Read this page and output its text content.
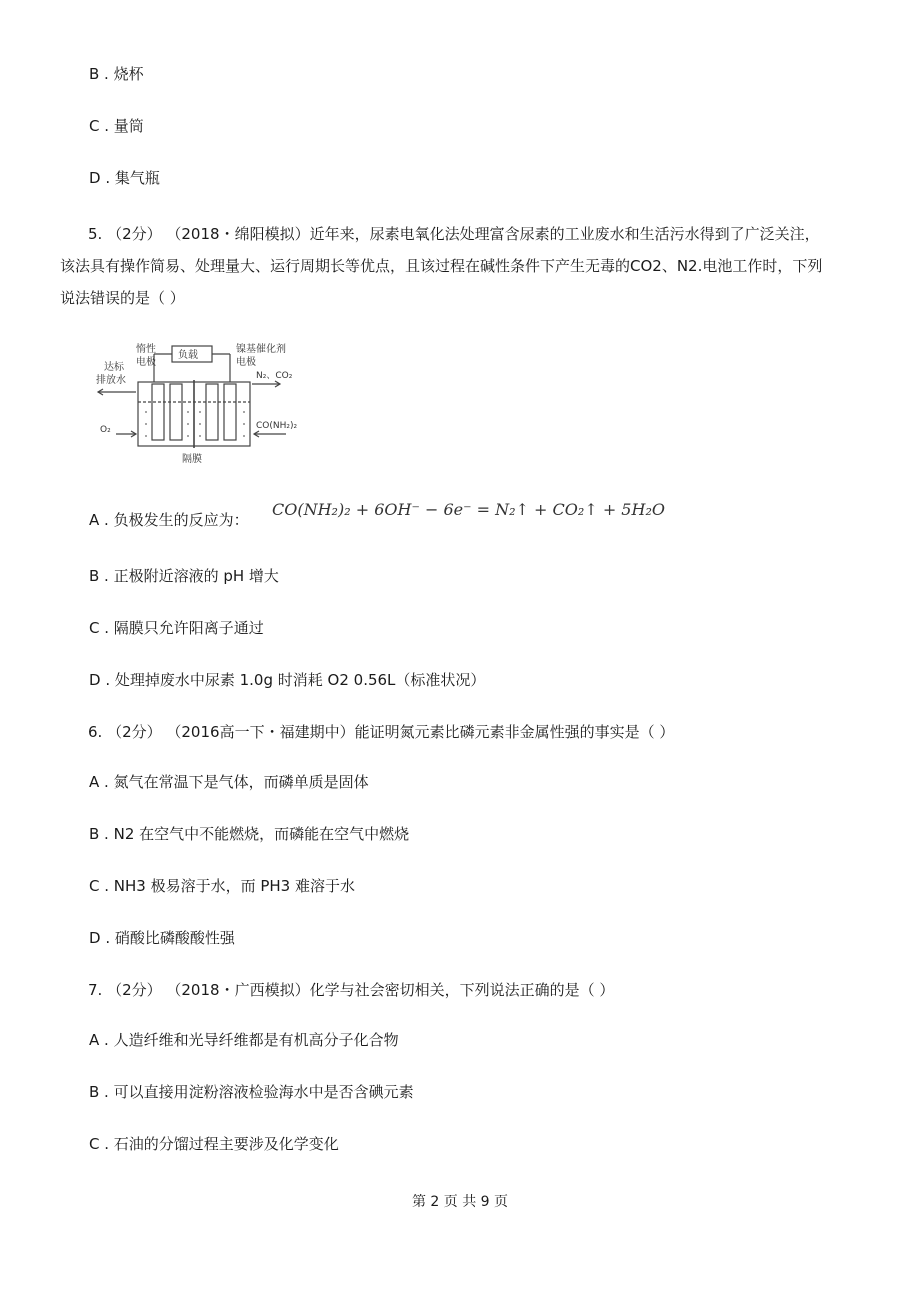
B . 烧杯
C . 量筒
D . 集气瓶
5. （2分） （2018・绵阳模拟）近年来，尿素电氧化法处理富含尿素的工业废水和生活污水得到了广泛关注，
该法具有操作简易、处理量大、运行周期长等优点，且该过程在碱性条件下产生无毒的CO2、N2.电池工作时，下列
说法错误的是（ ）
惰性
电极
负载
镍基催化剂
电极
达标
排放水	N₂、CO₂
O₂	CO(NH₂)₂
隔膜
A . 负极发生的反应为：
CO(NH₂)₂ + 6OH⁻ − 6e⁻ = N₂↑ + CO₂↑ + 5H₂O
B . 正极附近溶液的 pH 增大
C . 隔膜只允许阳离子通过
D . 处理掉废水中尿素 1.0g 时消耗 O2 0.56L（标准状况）
6. （2分） （2016高一下・福建期中）能证明氮元素比磷元素非金属性强的事实是（ ）
A . 氮气在常温下是气体，而磷单质是固体
B . N2 在空气中不能燃烧，而磷能在空气中燃烧
C . NH3 极易溶于水，而 PH3 难溶于水
D . 硝酸比磷酸酸性强
7. （2分） （2018・广西模拟）化学与社会密切相关，下列说法正确的是（ ）
A . 人造纤维和光导纤维都是有机高分子化合物
B . 可以直接用淀粉溶液检验海水中是否含碘元素
C . 石油的分馏过程主要涉及化学变化
第 2 页 共 9 页
